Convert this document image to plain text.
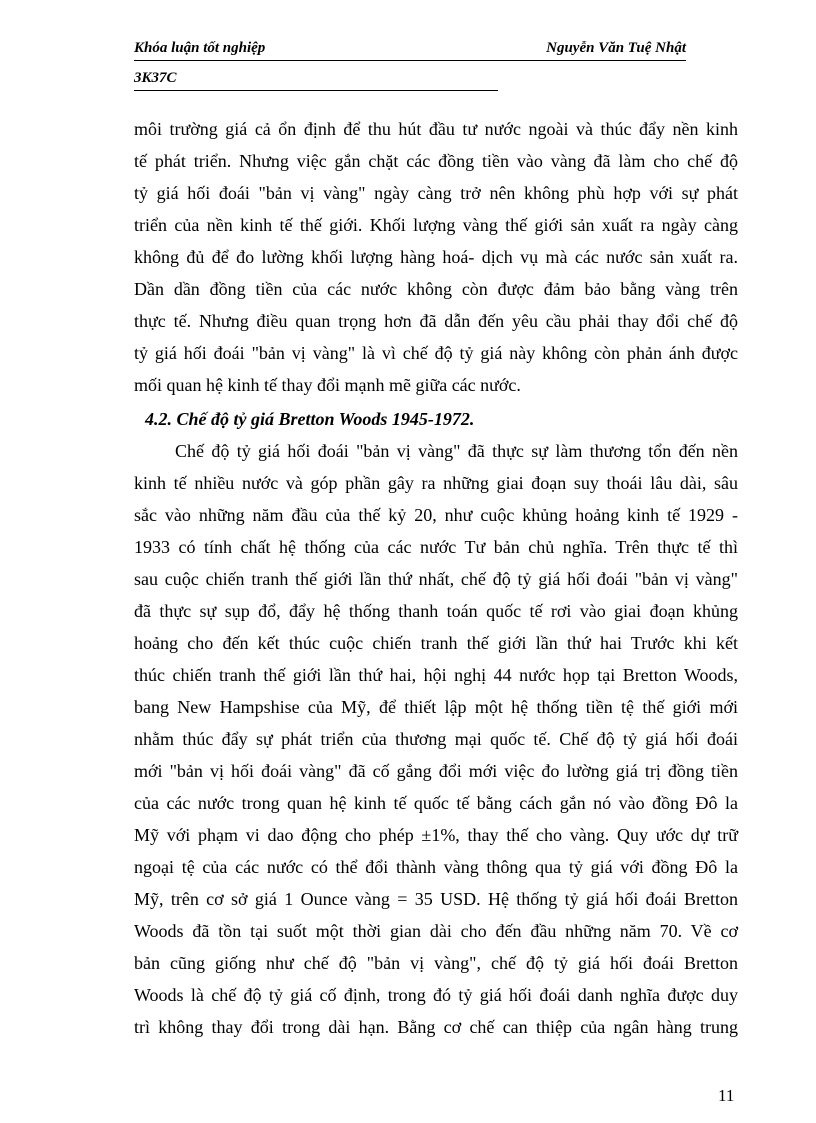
Khóa luận tốt nghiệp	Nguyễn Văn Tuệ Nhật
3K37C
môi trường giá cả ổn định để thu hút đầu tư nước ngoài và thúc đẩy nền kinh
tế phát triển. Nhưng việc gắn chặt các đồng tiền vào vàng đã làm cho chế độ
tỷ giá hối đoái "bản vị vàng" ngày càng trở nên không phù hợp với sự phát
triển của nền kinh tế thế giới. Khối lượng vàng thế giới sản xuất ra ngày càng
không đủ để đo lường khối lượng hàng hoá- dịch vụ mà các nước sản xuất ra.
Dần dần đồng tiền của các nước không còn được đảm bảo bằng vàng trên
thực tế. Nhưng điều quan trọng hơn đã dẫn đến yêu cầu phải thay đổi chế độ
tỷ giá hối đoái "bản vị vàng" là vì chế độ tỷ giá này không còn phản ánh được
mối quan hệ kinh tế thay đổi mạnh mẽ giữa các nước.
4.2. Chế độ tỷ giá Bretton Woods 1945-1972.
Chế độ tỷ giá hối đoái "bản vị vàng" đã thực sự làm thương tổn đến nền
kinh tế nhiều nước và góp phần gây ra những giai đoạn suy thoái lâu dài, sâu
sắc vào những năm đầu của thế kỷ 20, như cuộc khủng hoảng kinh tế 1929 -
1933 có tính chất hệ thống của các nước Tư bản chủ nghĩa. Trên thực tế thì
sau cuộc chiến tranh thế giới lần thứ nhất, chế độ tỷ giá hối đoái "bản vị vàng"
đã thực sự sụp đổ, đẩy hệ thống thanh toán quốc tế rơi vào giai đoạn khủng
hoảng cho đến kết thúc cuộc chiến tranh thế giới lần thứ hai Trước khi kết
thúc chiến tranh thế giới lần thứ hai, hội nghị 44 nước họp tại Bretton Woods,
bang New Hampshise của Mỹ, để thiết lập một hệ thống tiền tệ thế giới mới
nhằm thúc đẩy sự phát triển của thương mại quốc tế. Chế độ tỷ giá hối đoái
mới "bản vị hối đoái vàng" đã cố gắng đổi mới việc đo lường giá trị đồng tiền
của các nước trong quan hệ kinh tế quốc tế bằng cách gắn nó vào đồng Đô la
Mỹ với phạm vi dao động cho phép ±1%, thay thế cho vàng. Quy ước dự trữ
ngoại tệ của các nước có thể đổi thành vàng thông qua tỷ giá với đồng Đô la
Mỹ, trên cơ sở giá 1 Ounce vàng = 35 USD. Hệ thống tỷ giá hối đoái Bretton
Woods đã tồn tại suốt một thời gian dài cho đến đầu những năm 70. Về cơ
bản cũng giống như chế độ "bản vị vàng", chế độ tỷ giá hối đoái Bretton
Woods là chế độ tỷ giá cố định, trong đó tỷ giá hối đoái danh nghĩa được duy
trì không thay đổi trong dài hạn. Bằng cơ chế can thiệp của ngân hàng trung
11
